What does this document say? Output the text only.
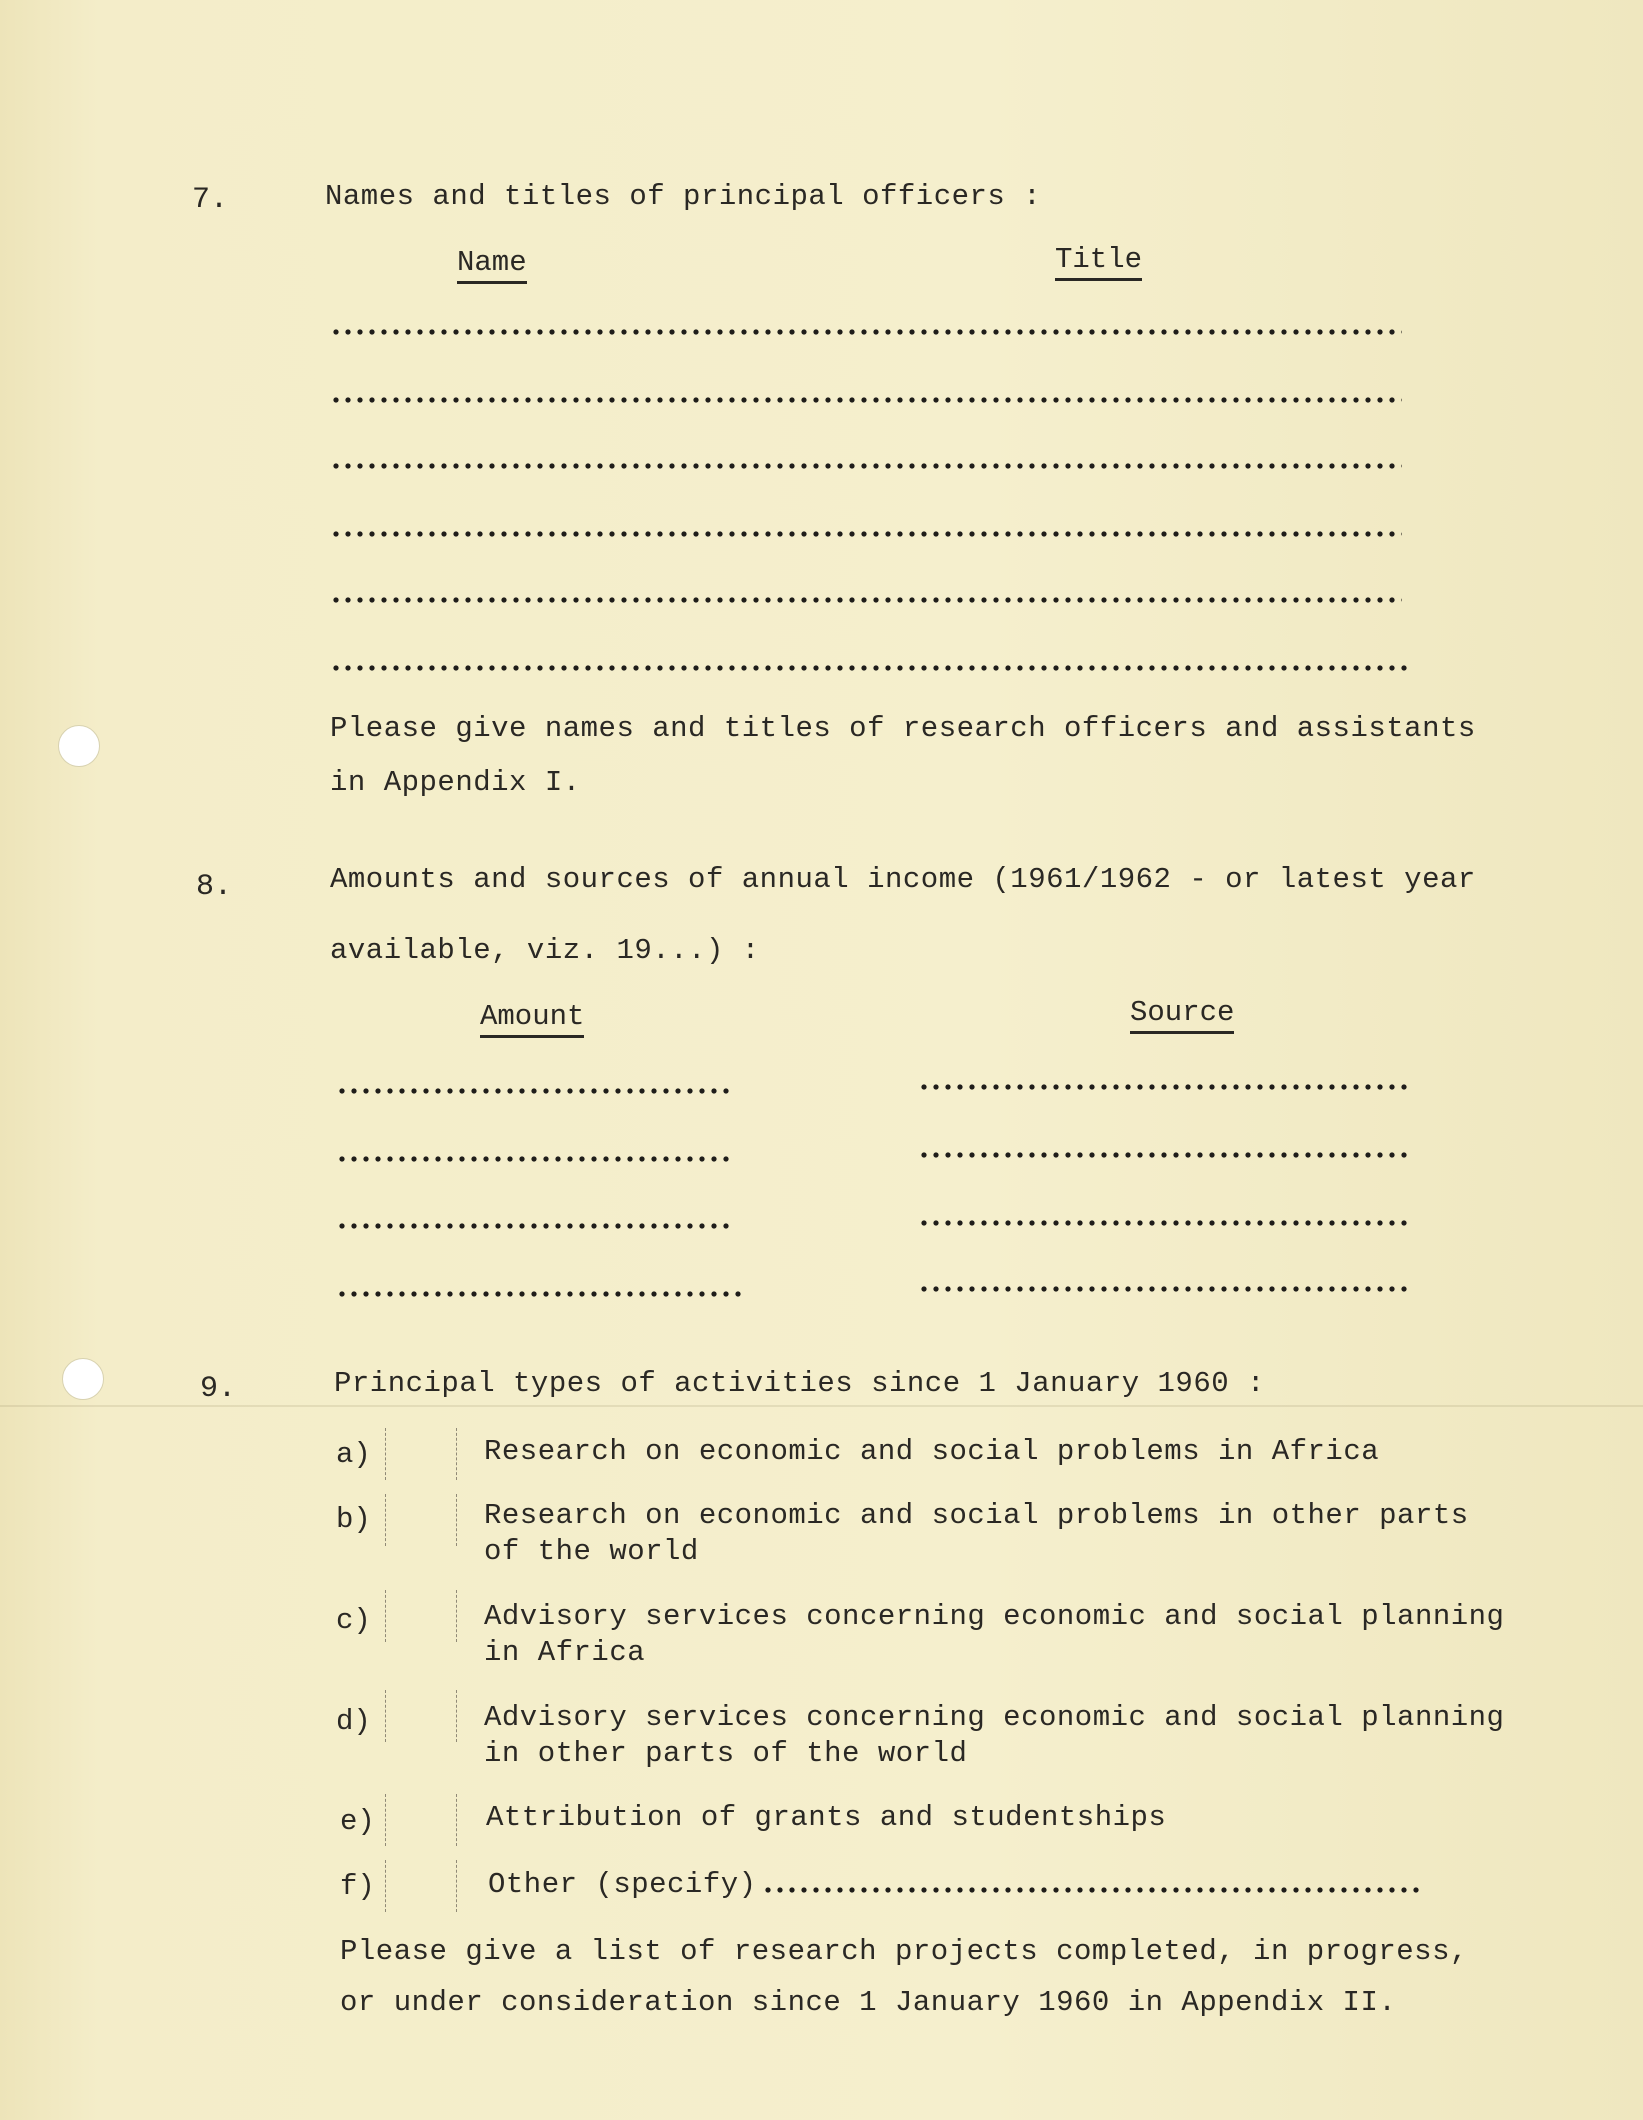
7.	Names and titles of principal officers :
Name	Title
Please give names and titles of research officers and assistants
in Appendix I.
8.	Amounts and sources of annual income (1961/1962 - or latest year
available, viz. 19...) :
Amount	Source
9.	Principal types of activities since 1 January 1960 :
a)	Research on economic and social problems in Africa
b)	Research on economic and social problems in other parts
of the world
c)	Advisory services concerning economic and social planning
in Africa
d)	Advisory services concerning economic and social planning
in other parts of the world
e)	Attribution of grants and studentships
f)	Other (specify)
Please give a list of research projects completed, in progress,
or under consideration since 1 January 1960 in Appendix II.
